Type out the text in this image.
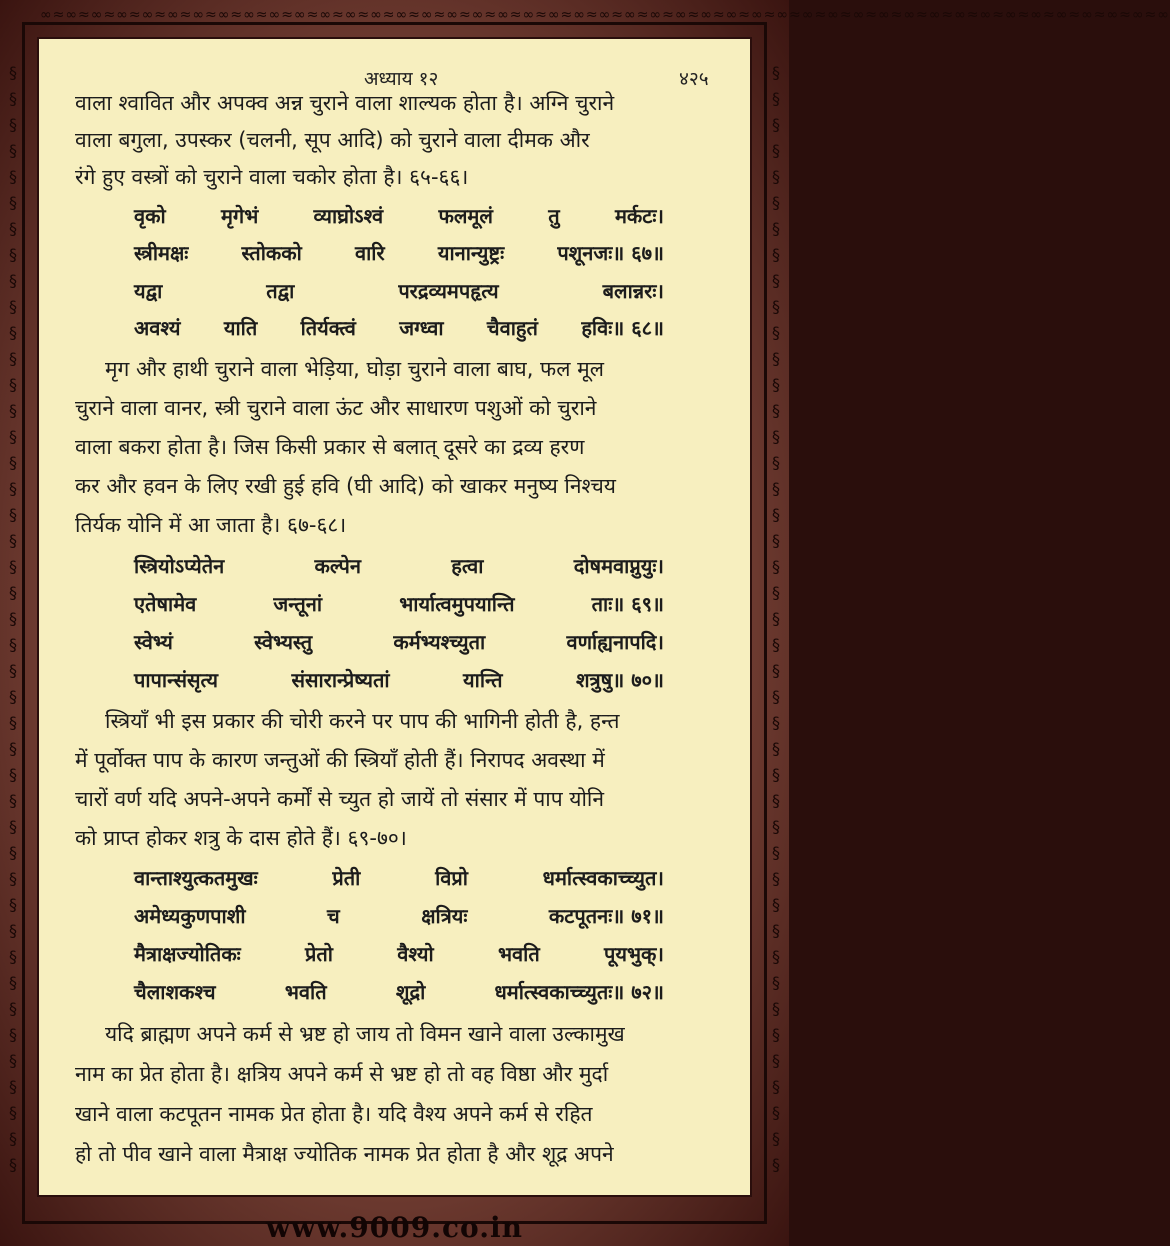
∞≈∞≈∞≈∞≈∞≈∞≈∞≈∞≈∞≈∞≈∞≈∞≈∞≈∞≈∞≈∞≈∞≈∞≈∞≈∞≈∞≈∞≈∞≈∞≈∞≈∞≈∞≈∞≈∞≈∞≈∞≈∞≈∞≈∞≈∞≈∞≈∞≈∞≈∞≈∞≈∞≈∞≈∞≈∞≈∞
§ § § § § § § § § § § § § § § § § § § § § § § § § § § § § § § § § § § § § § § § § § §
§ § § § § § § § § § § § § § § § § § § § § § § § § § § § § § § § § § § § § § § § § § §
अध्याय १२	४२५
वाला श्वावित और अपक्व अन्न चुराने वाला शाल्यक होता है। अग्नि चुराने
वाला बगुला, उपस्कर (चलनी, सूप आदि) को चुराने वाला दीमक और
रंगे हुए वस्त्रों को चुराने वाला चकोर होता है। ६५-६६।
वृको	मृगेभं	व्याघ्रोऽश्वं	फलमूलं	तु	मर्कटः।
स्त्रीमक्षः	स्तोकको	वारि	यानान्युष्ट्रः	पशूनजः॥ ६७॥
यद्वा	तद्वा	परद्रव्यमपहृत्य	बलान्नरः।
अवश्यं याति तिर्यक्त्वं जग्ध्वा चैवाहुतं हविः॥ ६८॥
मृग और हाथी चुराने वाला भेड़िया, घोड़ा चुराने वाला बाघ, फल मूल
चुराने वाला वानर, स्त्री चुराने वाला ऊंट और साधारण पशुओं को चुराने
वाला बकरा होता है। जिस किसी प्रकार से बलात् दूसरे का द्रव्य हरण
कर और हवन के लिए रखी हुई हवि (घी आदि) को खाकर मनुष्य निश्चय
तिर्यक योनि में आ जाता है। ६७-६८।
स्त्रियोऽप्येतेन	कल्पेन	हत्वा	दोषमवाप्नुयुः।
एतेषामेव	जन्तूनां	भार्यात्वमुपयान्ति	ताः॥ ६९॥
स्वेभ्यं	स्वेभ्यस्तु	कर्मभ्यश्च्युता	वर्णाह्यनापदि।
पापान्संसृत्य	संसारान्प्रेष्यतां	यान्ति	शत्रुषु॥ ७०॥
स्त्रियाँ भी इस प्रकार की चोरी करने पर पाप की भागिनी होती है, हन्त
में पूर्वोक्त पाप के कारण जन्तुओं की स्त्रियाँ होती हैं। निरापद अवस्था में
चारों वर्ण यदि अपने-अपने कर्मों से च्युत हो जायें तो संसार में पाप योनि
को प्राप्त होकर शत्रु के दास होते हैं। ६९-७०।
वान्ताश्युत्कतमुखः	प्रेती	विप्रो	धर्मात्स्वकाच्च्युत।
अमेध्यकुणपाशी	च	क्षत्रियः	कटपूतनः॥ ७१॥
मैत्राक्षज्योतिकः	प्रेतो	वैश्यो	भवति	पूयभुक्।
चैलाशकश्च	भवति	शूद्रो	धर्मात्स्वकाच्च्युतः॥ ७२॥
यदि ब्राह्मण अपने कर्म से भ्रष्ट हो जाय तो विमन खाने वाला उल्कामुख
नाम का प्रेत होता है। क्षत्रिय अपने कर्म से भ्रष्ट हो तो वह विष्ठा और मुर्दा
खाने वाला कटपूतन नामक प्रेत होता है। यदि वैश्य अपने कर्म से रहित
हो तो पीव खाने वाला मैत्राक्ष ज्योतिक नामक प्रेत होता है और शूद्र अपने
www.9009.co.in
